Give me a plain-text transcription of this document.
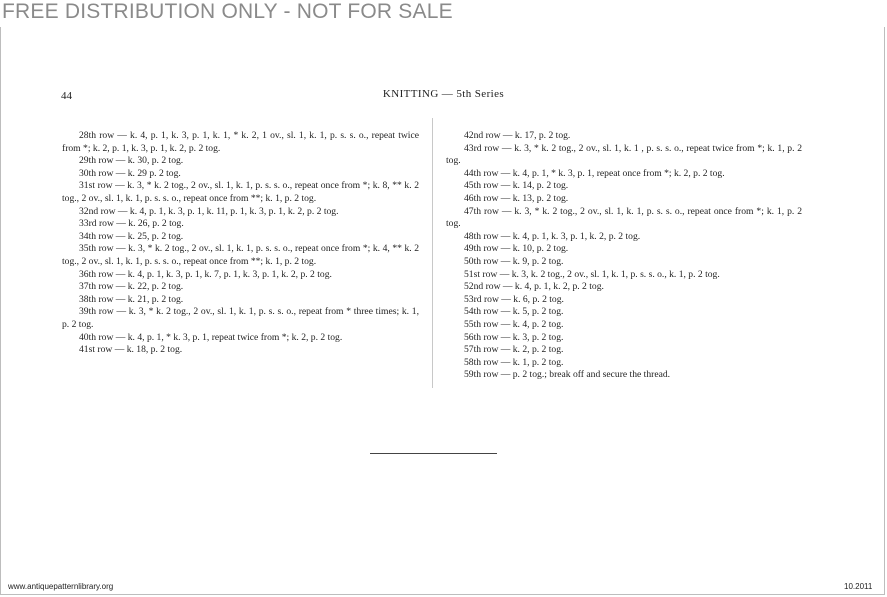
FREE DISTRIBUTION ONLY - NOT FOR SALE
44	KNITTING — 5th Series

28th row — k. 4, p. 1, k. 3, p. 1, k. 1, * k. 2, 1 ov., sl. 1, k. 1, p. s. s. o., repeat twice from *; k. 2, p. 1, k. 3, p. 1, k. 2, p. 2 tog.

29th row — k. 30, p. 2 tog.

30th row — k. 29 p. 2 tog.

31st row — k. 3, * k. 2 tog., 2 ov., sl. 1, k. 1, p. s. s. o., repeat once from *; k. 8, ** k. 2 tog., 2 ov., sl. 1, k. 1, p. s. s. o., repeat once from **; k. 1, p. 2 tog.

32nd row — k. 4, p. 1, k. 3, p. 1, k. 11, p. 1, k. 3, p. 1, k. 2, p. 2 tog.

33rd row — k. 26, p. 2 tog.

34th row — k. 25, p. 2 tog.

35th row — k. 3, * k. 2 tog., 2 ov., sl. 1, k. 1, p. s. s. o., repeat once from *; k. 4, ** k. 2 tog., 2 ov., sl. 1, k. 1, p. s. s. o., repeat once from **; k. 1, p. 2 tog.

36th row — k. 4, p. 1, k. 3, p. 1, k. 7, p. 1, k. 3, p. 1, k. 2, p. 2 tog.

37th row — k. 22, p. 2 tog.

38th row — k. 21, p. 2 tog.

39th row — k. 3, * k. 2 tog., 2 ov., sl. 1, k. 1, p. s. s. o., repeat from * three times; k. 1, p. 2 tog.

40th row — k. 4, p. 1, * k. 3, p. 1, repeat twice from *; k. 2, p. 2 tog.

41st row — k. 18, p. 2 tog.

42nd row — k. 17, p. 2 tog.

43rd row — k. 3, * k. 2 tog., 2 ov., sl. 1, k. 1 , p. s. s. o., repeat twice from *; k. 1, p. 2 tog.

44th row — k. 4, p. 1, * k. 3, p. 1, repeat once from *; k. 2, p. 2 tog.

45th row — k. 14, p. 2 tog.

46th row — k. 13, p. 2 tog.

47th row — k. 3, * k. 2 tog., 2 ov., sl. 1, k. 1, p. s. s. o., repeat once from *; k. 1, p. 2 tog.

48th row — k. 4, p. 1, k. 3, p. 1, k. 2, p. 2 tog.

49th row — k. 10, p. 2 tog.

50th row — k. 9, p. 2 tog.

51st row — k. 3, k. 2 tog., 2 ov., sl. 1, k. 1, p. s. s. o., k. 1, p. 2 tog.

52nd row — k. 4, p. 1, k. 2, p. 2 tog.

53rd row — k. 6, p. 2 tog.

54th row — k. 5, p. 2 tog.

55th row — k. 4, p. 2 tog.

56th row — k. 3, p. 2 tog.

57th row — k. 2, p. 2 tog.

58th row — k. 1, p. 2 tog.

59th row — p. 2 tog.; break off and secure the thread.

www.antiquepatternlibrary.org	10.2011
